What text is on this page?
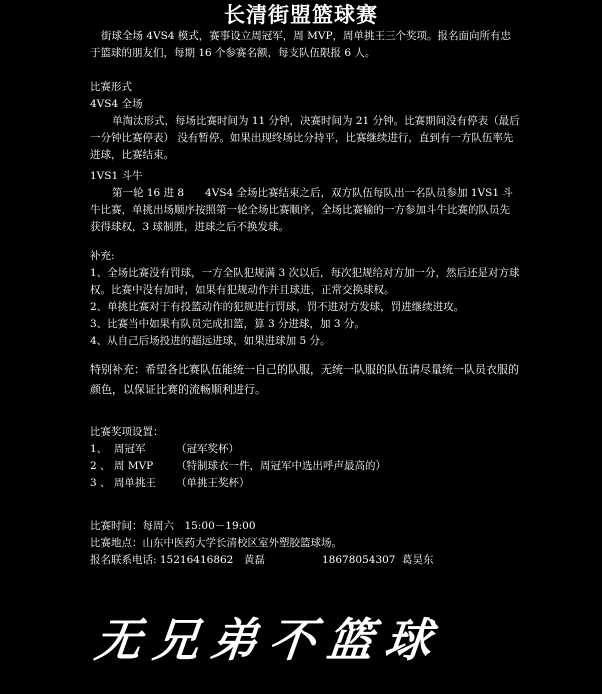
长清街盟篮球赛

街球全场 4VS4 模式，赛事设立周冠军，周 MVP，周单挑王三个奖项。报名面向所有忠于篮球的朋友们，每期 16 个参赛名额，每支队伍限报 6 人。

比赛形式

4VS4 全场

单淘汰形式，每场比赛时间为 11 分钟，决赛时间为 21 分钟。比赛期间没有停表（最后一分钟比赛停表） 没有暂停。如果出现终场比分持平，比赛继续进行，直到有一方队伍率先进球，比赛结束。

1VS1 斗牛

第一轮 16 进 8　　4VS4 全场比赛结束之后，双方队伍每队出一名队员参加 1VS1 斗牛比赛，单挑出场顺序按照第一轮全场比赛顺序，全场比赛输的一方参加斗牛比赛的队员先获得球权，3 球制胜，进球之后不换发球。

补充:

1、全场比赛没有罚球，一方全队犯规满 3 次以后，每次犯规给对方加一分，然后还是对方球权。比赛中没有加时，如果有犯规动作并且球进，正常交换球权。

2、单挑比赛对于有投篮动作的犯规进行罚球，罚不进对方发球，罚进继续进攻。

3、比赛当中如果有队员完成扣篮，算 3 分进球，加 3 分。

4、从自己后场投进的超远进球，如果进球加 5 分。

特别补充：希望各比赛队伍能统一自己的队服，无统一队服的队伍请尽量统一队员衣服的颜色，以保证比赛的流畅顺利进行。

比赛奖项设置：

1、 周冠军	（冠军奖杯）
2 、 周 MVP （特制球衣一件，周冠军中选出呼声最高的）
3 、 周单挑王 （单挑王奖杯）

比赛时间：每周六　15:00－19:00

比赛地点：山东中医药大学长清校区室外塑胶篮球场。

报名联系电话: 15216416862　黄磊	18678054307 葛昊东
无兄弟不篮球
